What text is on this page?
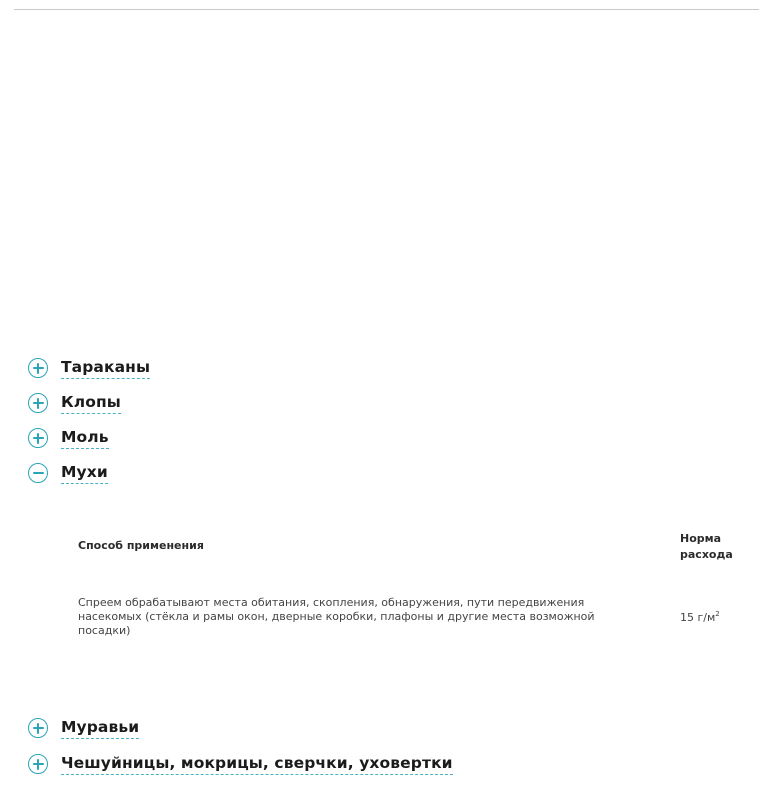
Тараканы
Клопы
Моль
Мухи
Способ применения
Норма
расхода
Спреем обрабатывают места обитания, скопления, обнаружения, пути передвижения насекомых (стёкла и рамы окон, дверные коробки, плафоны и другие места возможной посадки)
15 $г/м^2$
Муравьи
Чешуйницы, мокрицы, сверчки, уховертки
